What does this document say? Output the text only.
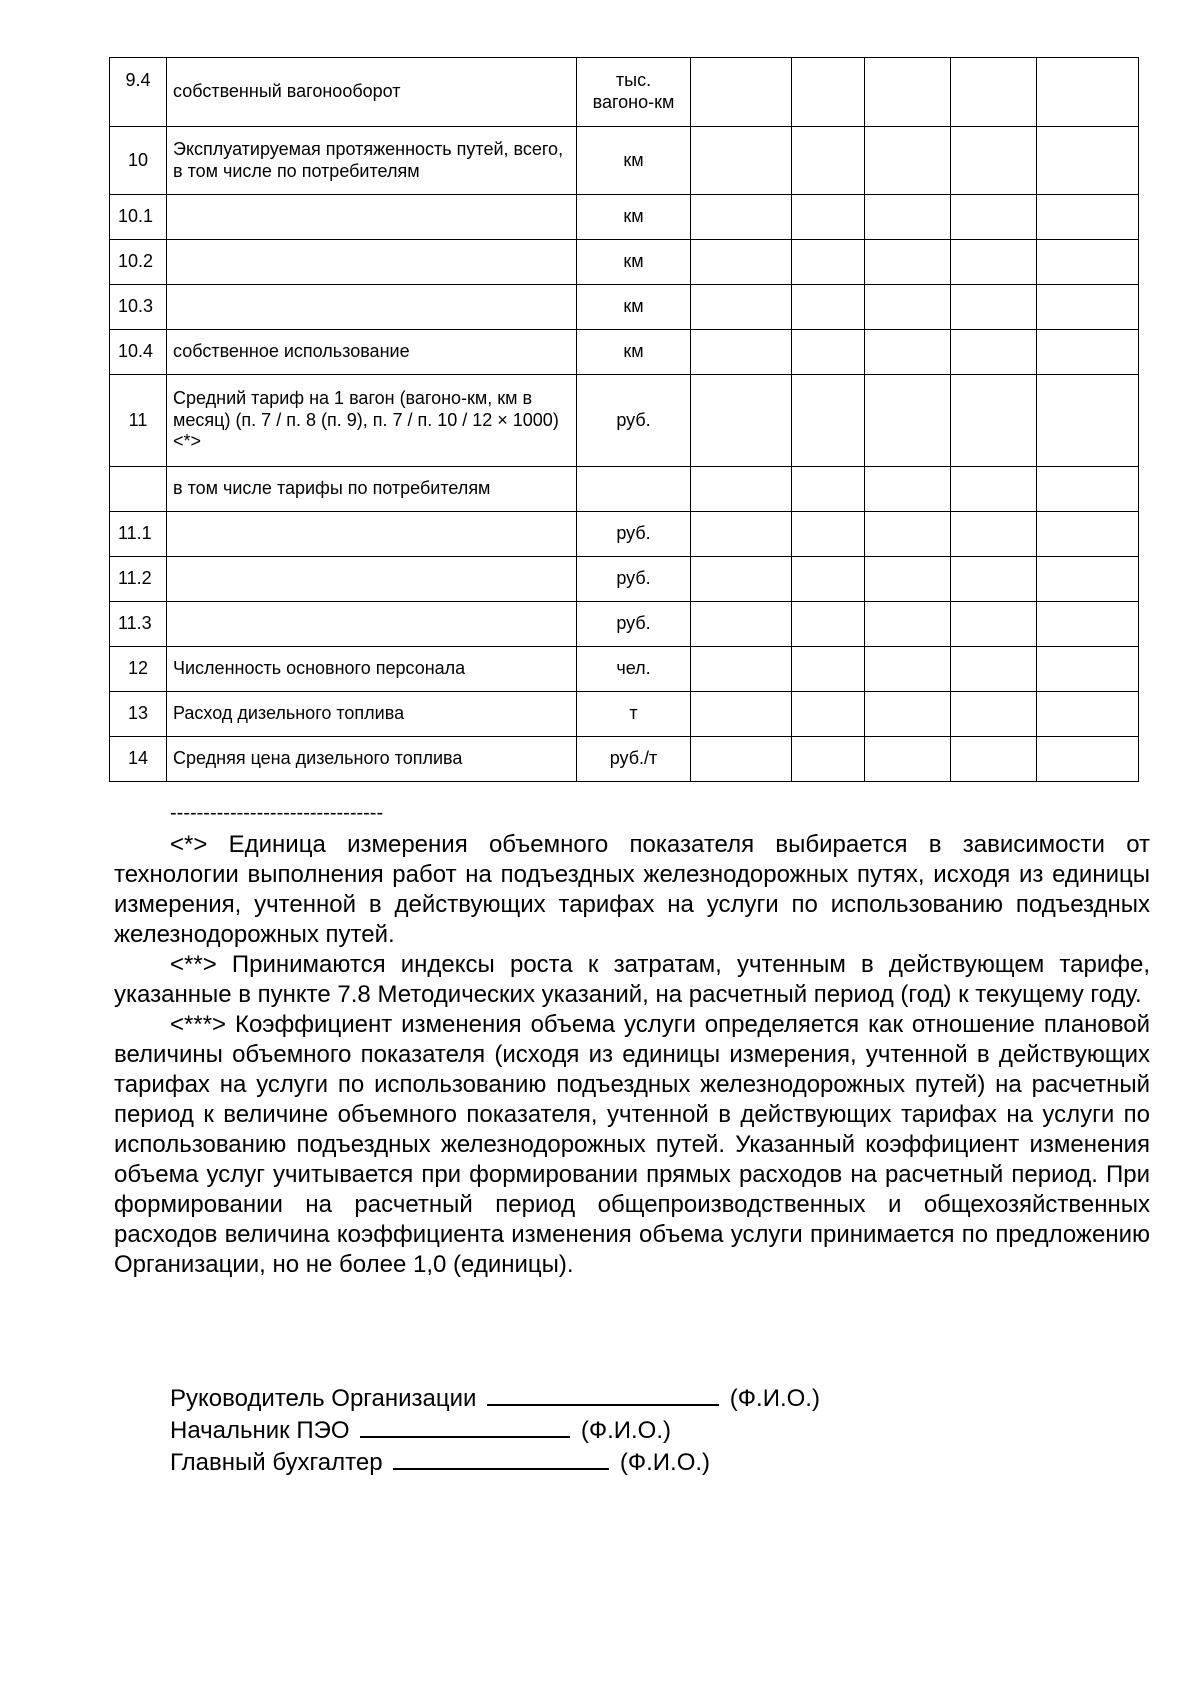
9.4	собственный вагонооборот	тыс. вагоно-км					
10	Эксплуатируемая протяженность путей, всего, в том числе по потребителям	км					
10.1		км					
10.2		км					
10.3		км					
10.4	собственное использование	км					
11	Средний тариф на 1 вагон (вагоно-км, км в месяц) (п. 7 / п. 8 (п. 9), п. 7 / п. 10 / 12 × 1000)<*>	руб.					
	в том числе тарифы по потребителям						
11.1		руб.					
11.2		руб.					
11.3		руб.					
12	Численность основного персонала	чел.					
13	Расход дизельного топлива	т					
14	Средняя цена дизельного топлива	руб./т					
--------------------------------

<*> Единица измерения объемного показателя выбирается в зависимости от технологии выполнения работ на подъездных железнодорожных путях, исходя из единицы измерения, учтенной в действующих тарифах на услуги по использованию подъездных железнодорожных путей.

<**> Принимаются индексы роста к затратам, учтенным в действующем тарифе, указанные в пункте 7.8 Методических указаний, на расчетный период (год) к текущему году.

<***> Коэффициент изменения объема услуги определяется как отношение плановой величины объемного показателя (исходя из единицы измерения, учтенной в действующих тарифах на услуги по использованию подъездных железнодорожных путей) на расчетный период к величине объемного показателя, учтенной в действующих тарифах на услуги по использованию подъездных железнодорожных путей. Указанный коэффициент изменения объема услуг учитывается при формировании прямых расходов на расчетный период. При формировании на расчетный период общепроизводственных и общехозяйственных расходов величина коэффициента изменения объема услуги принимается по предложению Организации, но не более 1,0 (единицы).

Руководитель Организации	(Ф.И.О.)
Начальник ПЭО	(Ф.И.О.)
Главный бухгалтер	(Ф.И.О.)
